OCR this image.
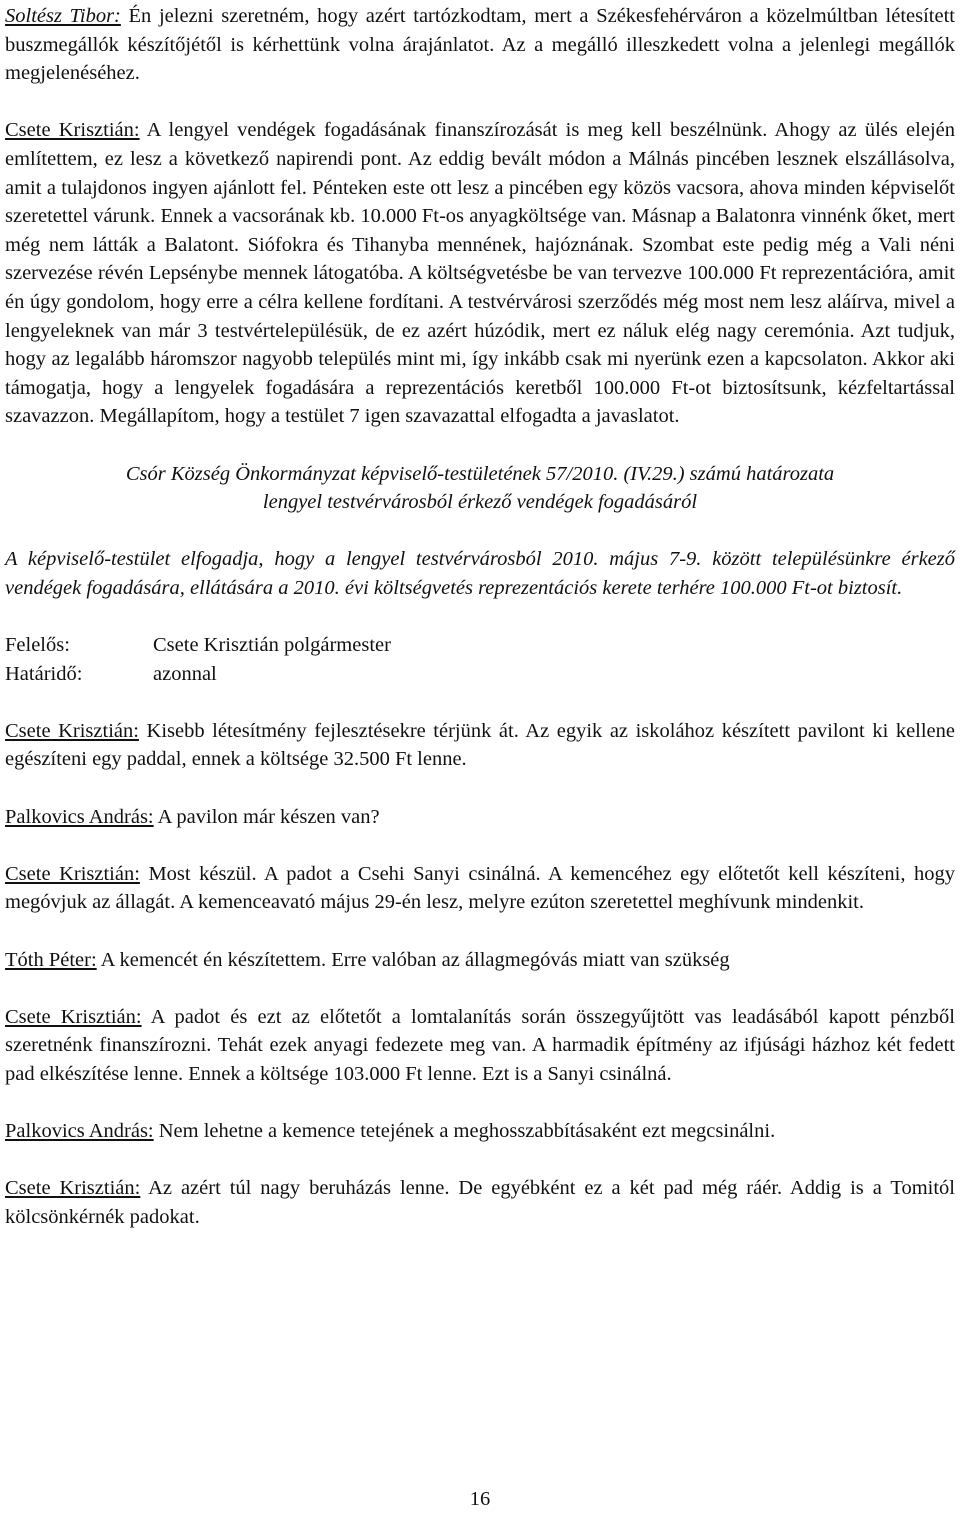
Soltész Tibor: Én jelezni szeretném, hogy azért tartózkodtam, mert a Székesfehérváron a közelmúltban létesített buszmegállók készítőjétől is kérhettünk volna árajánlatot. Az a megálló illeszkedett volna a jelenlegi megállók megjelenéséhez.

Csete Krisztián: A lengyel vendégek fogadásának finanszírozását is meg kell beszélnünk. Ahogy az ülés elején említettem, ez lesz a következő napirendi pont. Az eddig bevált módon a Málnás pincében lesznek elszállásolva, amit a tulajdonos ingyen ajánlott fel. Pénteken este ott lesz a pincében egy közös vacsora, ahova minden képviselőt szeretettel várunk. Ennek a vacsorának kb. 10.000 Ft-os anyagköltsége van. Másnap a Balatonra vinnénk őket, mert még nem látták a Balatont. Siófokra és Tihanyba mennének, hajóznának. Szombat este pedig még a Vali néni szervezése révén Lepsénybe mennek látogatóba. A költségvetésbe be van tervezve 100.000 Ft reprezentációra, amit én úgy gondolom, hogy erre a célra kellene fordítani. A testvérvárosi szerződés még most nem lesz aláírva, mivel a lengyeleknek van már 3 testvértelepülésük, de ez azért húzódik, mert ez náluk elég nagy ceremónia. Azt tudjuk, hogy az legalább háromszor nagyobb település mint mi, így inkább csak mi nyerünk ezen a kapcsolaton. Akkor aki támogatja, hogy a lengyelek fogadására a reprezentációs keretből 100.000 Ft-ot biztosítsunk, kézfeltartással szavazzon. Megállapítom, hogy a testület 7 igen szavazattal elfogadta a javaslatot.

Csór Község Önkormányzat képviselő-testületének 57/2010. (IV.29.) számú határozata

lengyel testvérvárosból érkező vendégek fogadásáról

A képviselő-testület elfogadja, hogy a lengyel testvérvárosból 2010. május 7-9. között településünkre érkező vendégek fogadására, ellátására a 2010. évi költségvetés reprezentációs kerete terhére 100.000 Ft-ot biztosít.

Felelős:	Csete Krisztián polgármester
Határidő:	azonnal

Csete Krisztián: Kisebb létesítmény fejlesztésekre térjünk át. Az egyik az iskolához készített pavilont ki kellene egészíteni egy paddal, ennek a költsége 32.500 Ft lenne.

Palkovics András: A pavilon már készen van?

Csete Krisztián: Most készül. A padot a Csehi Sanyi csinálná. A kemencéhez egy előtetőt kell készíteni, hogy megóvjuk az állagát. A kemenceavató május 29-én lesz, melyre ezúton szeretettel meghívunk mindenkit.

Tóth Péter: A kemencét én készítettem. Erre valóban az állagmegóvás miatt van szükség

Csete Krisztián: A padot és ezt az előtetőt a lomtalanítás során összegyűjtött vas leadásából kapott pénzből szeretnénk finanszírozni. Tehát ezek anyagi fedezete meg van. A harmadik építmény az ifjúsági házhoz két fedett pad elkészítése lenne. Ennek a költsége 103.000 Ft lenne. Ezt is a Sanyi csinálná.

Palkovics András: Nem lehetne a kemence tetejének a meghosszabbításaként ezt megcsinálni.

Csete Krisztián: Az azért túl nagy beruházás lenne. De egyébként ez a két pad még ráér. Addig is a Tomitól kölcsönkérnék padokat.

16
